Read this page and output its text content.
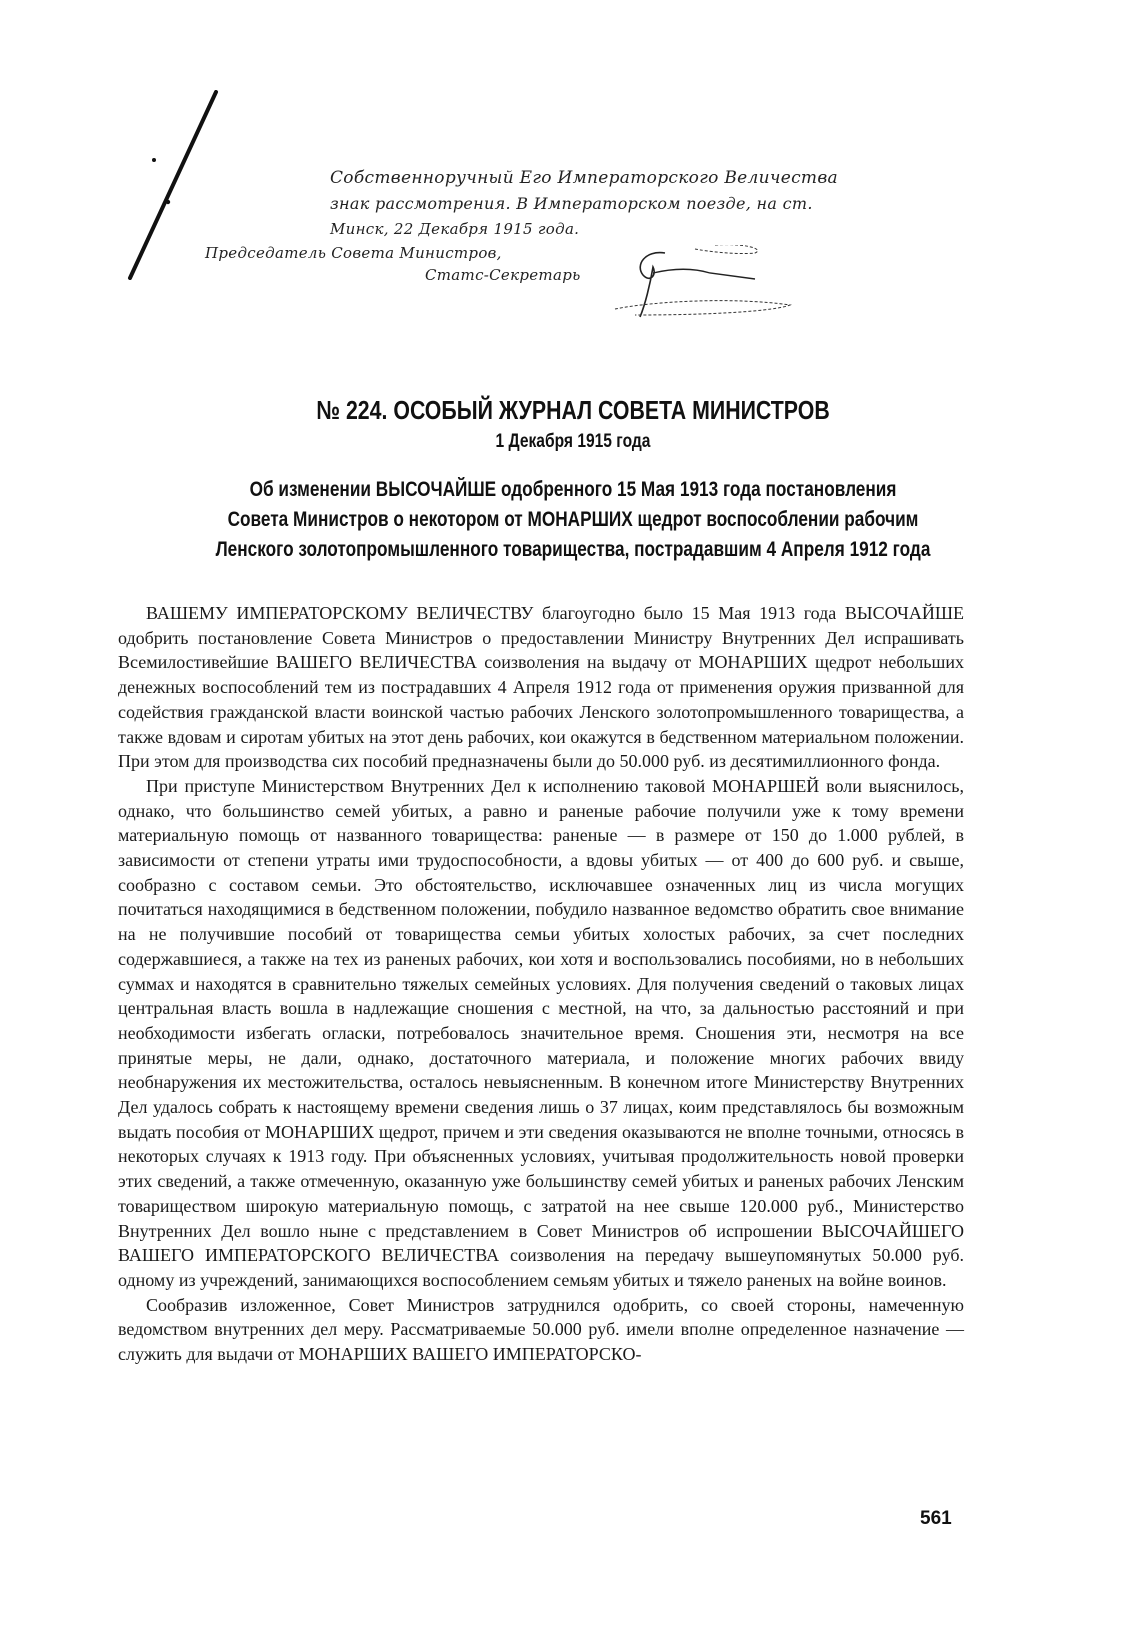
Собственноручный Его Императорского Величества
знак рассмотрения. В Императорском поезде, на ст.
Минск, 22 Декабря 1915 года.
Председатель Совета Министров,
Статс-Секретарь
№ 224. ОСОБЫЙ ЖУРНАЛ СОВЕТА МИНИСТРОВ
1 Декабря 1915 года
Об изменении ВЫСОЧАЙШЕ одобренного 15 Мая 1913 года постановления
Совета Министров о некотором от МОНАРШИХ щедрот воспособлении рабочим
Ленского золотопромышленного товарищества, пострадавшим 4 Апреля 1912 года

ВАШЕМУ ИМПЕРАТОРСКОМУ ВЕЛИЧЕСТВУ благоугодно было 15 Мая 1913 года ВЫСОЧАЙШЕ одобрить постановление Совета Министров о предоставлении Министру Внутренних Дел испрашивать Всемилостивейшие ВАШЕГО ВЕЛИЧЕСТВА соизволения на выдачу от МОНАРШИХ щедрот небольших денежных воспособлений тем из пострадавших 4 Апреля 1912 года от применения оружия призванной для содействия гражданской власти воинской частью рабочих Ленского золотопромышленного товарищества, а также вдовам и сиротам убитых на этот день рабочих, кои окажутся в бедственном материальном положении. При этом для производства сих пособий предназначены были до 50.000 руб. из десятимиллионного фонда.

При приступе Министерством Внутренних Дел к исполнению таковой МОНАРШЕЙ воли выяснилось, однако, что большинство семей убитых, а равно и раненые рабочие получили уже к тому времени материальную помощь от названного товарищества: раненые — в размере от 150 до 1.000 рублей, в зависимости от степени утраты ими трудоспособности, а вдовы убитых — от 400 до 600 руб. и свыше, сообразно с составом семьи. Это обстоятельство, исключавшее означенных лиц из числа могущих почитаться находящимися в бедственном положении, побудило названное ведомство обратить свое внимание на не получившие пособий от товарищества семьи убитых холостых рабочих, за счет последних содержавшиеся, а также на тех из раненых рабочих, кои хотя и воспользовались пособиями, но в небольших суммах и находятся в сравнительно тяжелых семейных условиях. Для получения сведений о таковых лицах центральная власть вошла в надлежащие сношения с местной, на что, за дальностью расстояний и при необходимости избегать огласки, потребовалось значительное время. Сношения эти, несмотря на все принятые меры, не дали, однако, достаточного материала, и положение многих рабочих ввиду необнаружения их местожительства, осталось невыясненным. В конечном итоге Министерству Внутренних Дел удалось собрать к настоящему времени сведения лишь о 37 лицах, коим представлялось бы возможным выдать пособия от МОНАРШИХ щедрот, причем и эти сведения оказываются не вполне точными, относясь в некоторых случаях к 1913 году. При объясненных условиях, учитывая продолжительность новой проверки этих сведений, а также отмеченную, оказанную уже большинству семей убитых и раненых рабочих Ленским товариществом широкую материальную помощь, с затратой на нее свыше 120.000 руб., Министерство Внутренних Дел вошло ныне с представлением в Совет Министров об испрошении ВЫСОЧАЙШЕГО ВАШЕГО ИМПЕРАТОРСКОГО ВЕЛИЧЕСТВА соизволения на передачу вышеупомянутых 50.000 руб. одному из учреждений, занимающихся воспособлением семьям убитых и тяжело раненых на войне воинов.

Сообразив изложенное, Совет Министров затруднился одобрить, со своей стороны, намеченную ведомством внутренних дел меру. Рассматриваемые 50.000 руб. имели вполне определенное назначение — служить для выдачи от МОНАРШИХ ВАШЕГО ИМПЕРАТОРСКО-

561
